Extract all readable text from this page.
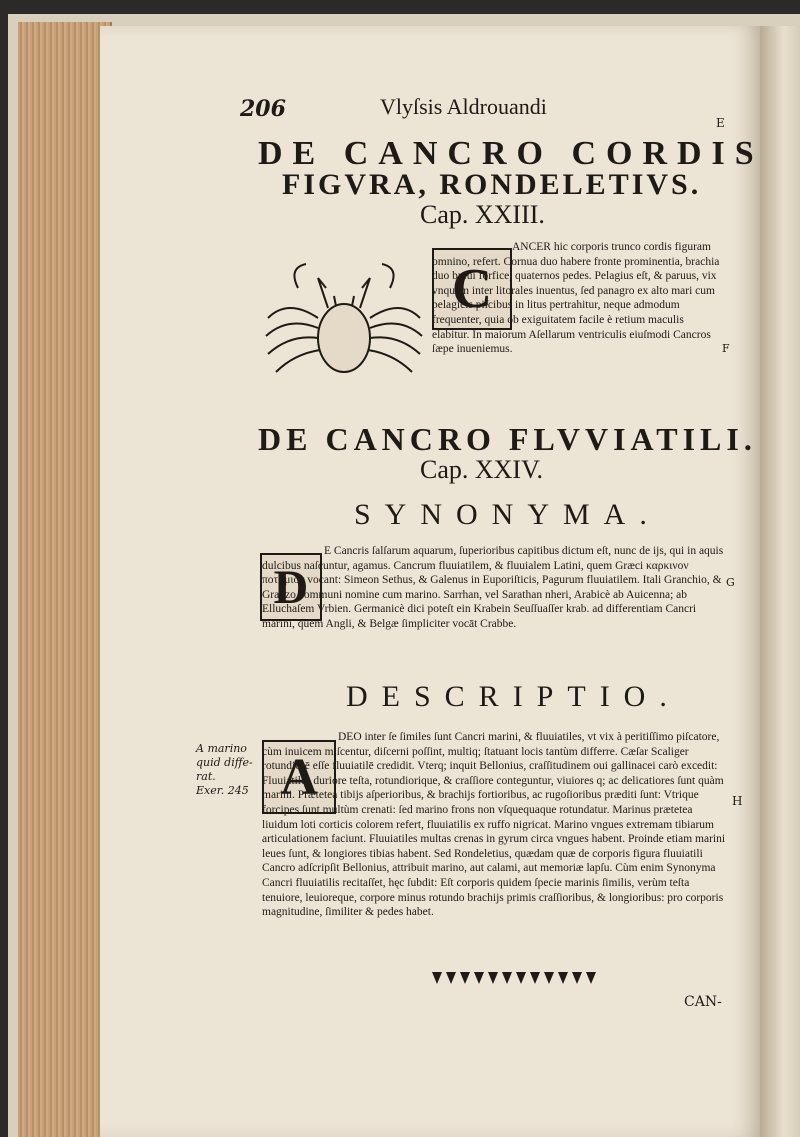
206	Vlyſsis Aldrouandi
E
DE CANCRO CORDIS
FIGVRA, RONDELETIVS.
Cap. XXIII.
C
ANCER hic corporis trunco cordis figuram omnino, refert. Cornua duo habere fronte prominentia, brachia duo breui forfice, quaternos pedes. Pelagius eſt, & paruus, vix vnquam inter litorales inuentus, ſed panagro ex alto mari cum pelagicis piſcibus in litus pertrahitur, neque admodum frequenter, quia ob exiguitatem facile è retium maculis elabitur. In maiorum Aſellarum ventriculis eiuſmodi Cancros ſæpe inueniemus.	F
DE CANCRO FLVVIATILI.
Cap. XXIV.
SYNONYMA.
D
E Cancris ſalſarum aquarum, ſuperioribus capitibus dictum eſt, nunc de ijs, qui in aquis dulcibus naſcuntur, agamus. Cancrum fluuiatilem, & fluuialem Latini, quem Græci καρκινον ποτάμιον vocant: Simeon Sethus, & Galenus in Euporiſticis, Pagurum fluuiatilem. Itali Granchio, & Granzo communi nomine cum marino. Sarrhan, vel Sarathan nheri, Arabicè ab Auicenna; ab Elluchaſem Vrbien. Germanicè dici poteſt ein Krabein Seuſſuaſſer krab. ad differentiam Cancri marini, quem Angli, & Belgæ ſimpliciter vocāt Crabbe.
G
DESCRIPTIO.
A marino
quid diffe-
rat.
Exer. 245 A
DEO inter ſe ſimiles ſunt Cancri marini, & fluuiatiles, vt vix à peritiſſimo piſcatore, cùm inuicem miſcentur, diſcerni poſſint, multiq; ſtatuant locis tantùm differre. Cæſar Scaliger rotundiorē eſſe fluuiatilē credidit. Vterq; inquit Bellonius, craſſitudinem oui gallinacei carò excedit: Fluuiatiles duriore teſta, rotundiorique, & craſſiore conteguntur, viuiores q; ac delicatiores ſunt quàm marini. Prætetea tibijs aſperioribus, & brachijs fortioribus, ac rugoſioribus præditi ſunt: Vtrique forcipes ſunt multùm crenati: ſed marino frons non vſquequaque rotundatur. Marinus prætetea liuidum loti corticis colorem refert, fluuiatilis ex ruffo nigricat. Marino vngues extremam tibiarum articulationem faciunt. Fluuiatiles multas crenas in gyrum circa vngues habent. Proinde etiam marini leues ſunt, & longiores tibias habent. Sed Rondeletius, quædam quæ de corporis figura fluuiatili Cancro adſcripſit Bellonius, attribuit marino, aut calami, aut memoriæ lapſu. Cùm enim Synonyma Cancri fluuiatilis recitaſſet, hęc ſubdit: Eſt corporis quidem ſpecie marinis ſimilis, verùm teſta tenuiore, leuioreque, corpore minus rotundo brachijs primis craſſioribus, & longioribus: pro corporis magnitudine, ſimiliter & pedes habet.
H
CAN-
